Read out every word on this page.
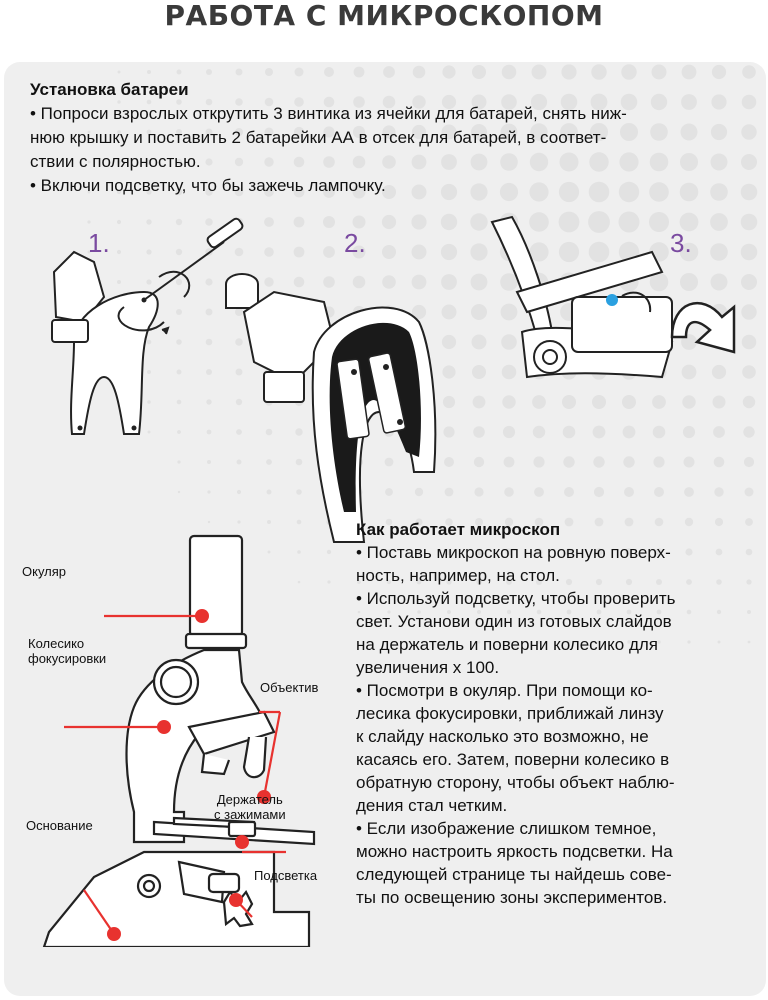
РАБОТА С МИКРОСКОПОМ
Установка батареи
• Попроси взрослых открутить 3 винтика из ячейки для батарей, снять ниж-
нюю крышку и поставить 2 батарейки АА в отсек для батарей, в соответ-
ствии с полярностью.
• Включи подсветку, что бы зажечь лампочку.
1.	2.	3.
Окуляр
Колесико
фокусировки
Объектив
Держатель
с зажимами
Основание
Подсветка
Как работает микроскоп
• Поставь микроскоп на ровную поверх-
ность, например, на стол.
• Используй подсветку, чтобы проверить
свет. Установи один из готовых слайдов
на держатель и поверни колесико для
увеличения х 100.
• Посмотри в окуляр. При помощи ко-
лесика фокусировки, приближай линзу
к слайду насколько это возможно, не
касаясь его. Затем, поверни колесико в
обратную сторону, чтобы объект наблю-
дения стал четким.
• Если изображение слишком темное,
можно настроить яркость подсветки. На
следующей странице ты найдешь сове-
ты по освещению зоны экспериментов.
